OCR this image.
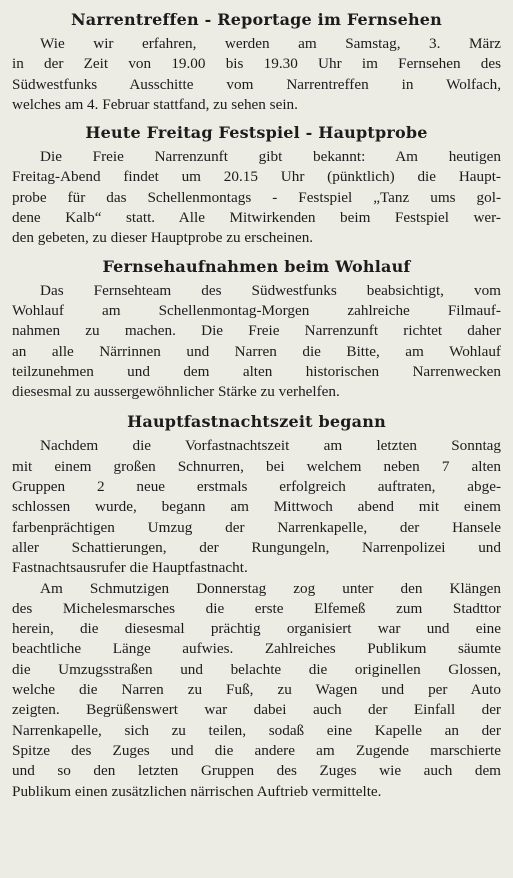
Narrentreffen - Reportage im Fernsehen
Wie wir erfahren, werden am Samstag, 3. März
in der Zeit von 19.00 bis 19.30 Uhr im Fernsehen des
Südwestfunks Ausschitte vom Narrentreffen in Wolfach,
welches am 4. Februar stattfand, zu sehen sein.
Heute Freitag Festspiel - Hauptprobe
Die Freie Narrenzunft gibt bekannt: Am heutigen
Freitag-Abend findet um 20.15 Uhr (pünktlich) die Haupt-
probe für das Schellenmontags - Festspiel „Tanz ums gol-
dene Kalb“ statt. Alle Mitwirkenden beim Festspiel wer-
den gebeten, zu dieser Hauptprobe zu erscheinen.
Fernsehaufnahmen beim Wohlauf
Das Fernsehteam des Südwestfunks beabsichtigt, vom
Wohlauf am Schellenmontag-Morgen zahlreiche Filmauf-
nahmen zu machen. Die Freie Narrenzunft richtet daher
an alle Närrinnen und Narren die Bitte, am Wohlauf
teilzunehmen und dem alten historischen Narrenwecken
diesesmal zu aussergewöhnlicher Stärke zu verhelfen.
Hauptfastnachtszeit begann
Nachdem die Vorfastnachtszeit am letzten Sonntag
mit einem großen Schnurren, bei welchem neben 7 alten
Gruppen 2 neue erstmals erfolgreich auftraten, abge-
schlossen wurde, begann am Mittwoch abend mit einem
farbenprächtigen Umzug der Narrenkapelle, der Hansele
aller Schattierungen, der Rungungeln, Narrenpolizei und
Fastnachtsausrufer die Hauptfastnacht.
Am Schmutzigen Donnerstag zog unter den Klängen
des Michelesmarsches die erste Elfemeß zum Stadttor
herein, die diesesmal prächtig organisiert war und eine
beachtliche Länge aufwies. Zahlreiches Publikum säumte
die Umzugsstraßen und belachte die originellen Glossen,
welche die Narren zu Fuß, zu Wagen und per Auto
zeigten. Begrüßenswert war dabei auch der Einfall der
Narrenkapelle, sich zu teilen, sodaß eine Kapelle an der
Spitze des Zuges und die andere am Zugende marschierte
und so den letzten Gruppen des Zuges wie auch dem
Publikum einen zusätzlichen närrischen Auftrieb vermittelte.
